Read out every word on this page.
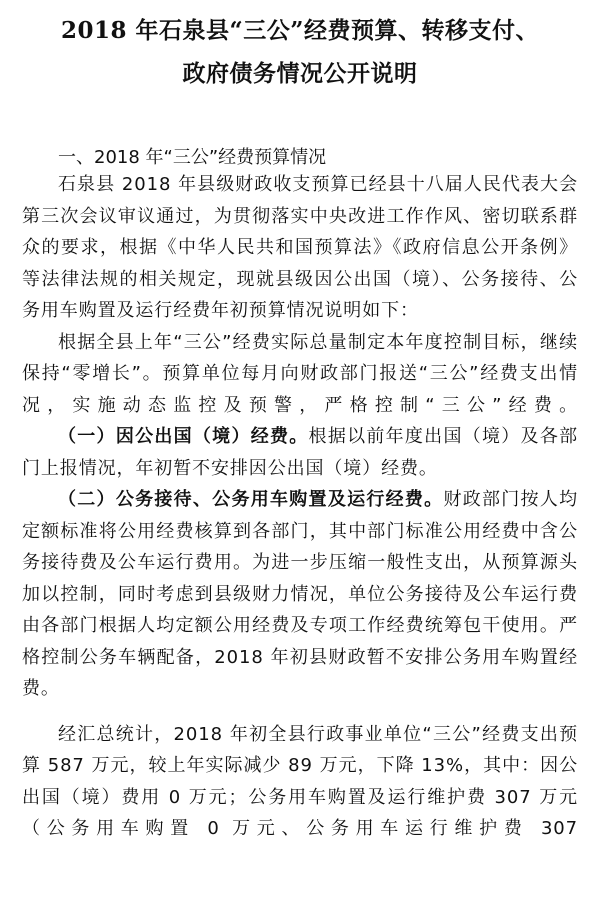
2018 年石泉县“三公”经费预算、转移支付、
政府债务情况公开说明
一、2018 年“三公”经费预算情况

石泉县 2018 年县级财政收支预算已经县十八届人民代表大会第三次会议审议通过，为贯彻落实中央改进工作作风、密切联系群众的要求，根据《中华人民共和国预算法》《政府信息公开条例》等法律法规的相关规定，现就县级因公出国（境）、公务接待、公务用车购置及运行经费年初预算情况说明如下：

根据全县上年“三公”经费实际总量制定本年度控制目标，继续保持“零增长”。预算单位每月向财政部门报送“三公”经费支出情况，实施动态监控及预警，严格控制“三公”经费。

（一）因公出国（境）经费。根据以前年度出国（境）及各部门上报情况，年初暂不安排因公出国（境）经费。

（二）公务接待、公务用车购置及运行经费。财政部门按人均定额标准将公用经费核算到各部门，其中部门标准公用经费中含公务接待费及公车运行费用。为进一步压缩一般性支出，从预算源头加以控制，同时考虑到县级财力情况，单位公务接待及公车运行费由各部门根据人均定额公用经费及专项工作经费统筹包干使用。严格控制公务车辆配备，2018 年初县财政暂不安排公务用车购置经费。

经汇总统计，2018 年初全县行政事业单位“三公”经费支出预算 587 万元，较上年实际减少 89 万元，下降 13%，其中：因公出国（境）费用 0 万元；公务用车购置及运行维护费 307 万元（公务用车购置 0 万元、公务用车运行维护费 307
